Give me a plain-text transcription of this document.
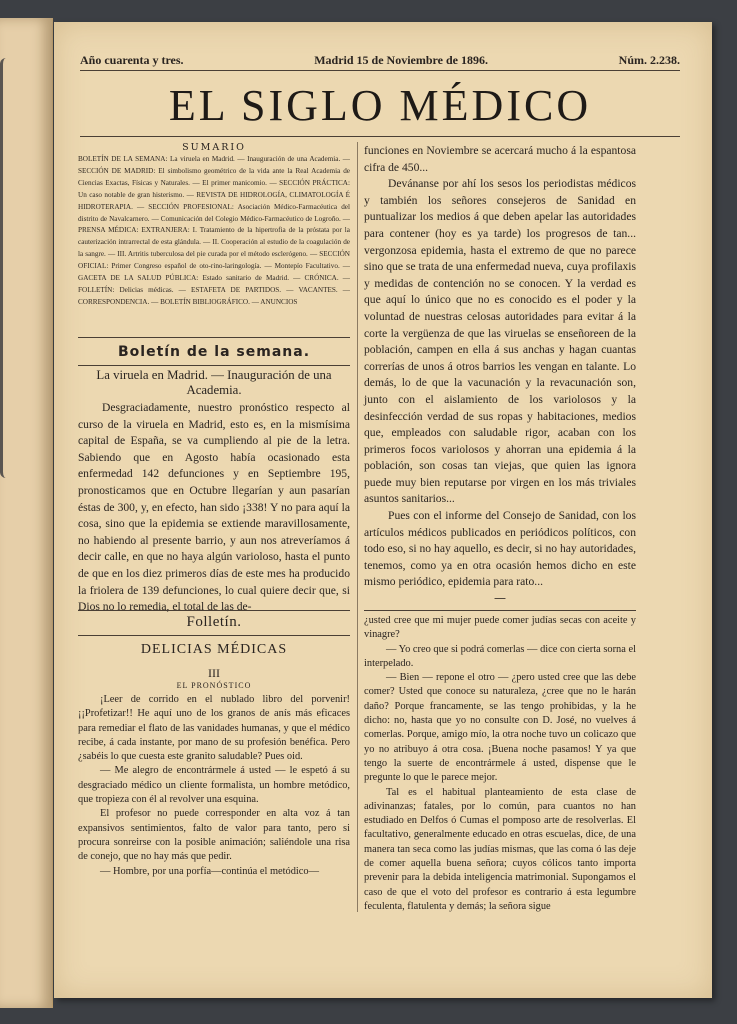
Año cuarenta y tres.	Madrid 15 de Noviembre de 1896.	Núm. 2.238.
EL SIGLO MÉDICO
SUMARIO
BOLETÍN DE LA SEMANA: La viruela en Madrid. — Inauguración de una Academia. — SECCIÓN DE MADRID: El simbolismo geométrico de la vida ante la Real Academia de Ciencias Exactas, Físicas y Naturales. — El primer manicomio. — SECCIÓN PRÁCTICA: Un caso notable de gran histerismo. — REVISTA DE HIDROLOGÍA, CLIMATOLOGÍA É HIDROTERAPIA. — SECCIÓN PROFESIONAL: Asociación Médico-Farmacéutica del distrito de Navalcarnero. — Comunicación del Colegio Médico-Farmacéutico de Logroño. — PRENSA MÉDICA: EXTRANJERA: I. Tratamiento de la hipertrofia de la próstata por la cauterización intrarrectal de esta glándula. — II. Cooperación al estudio de la coagulación de la sangre. — III. Artritis tuberculosa del pie curada por el método esclerógeno. — SECCIÓN OFICIAL: Primer Congreso español de oto-rino-laringología. — Montepío Facultativo. — GACETA DE LA SALUD PÚBLICA: Estado sanitario de Madrid. — CRÓNICA. — FOLLETÍN: Delicias médicas. — ESTAFETA DE PARTIDOS. — VACANTES. — CORRESPONDENCIA. — BOLETÍN BIBLIOGRÁFICO. — ANUNCIOS
Boletín de la semana.
La viruela en Madrid. — Inauguración de una Academia.

Desgraciadamente, nuestro pronóstico respecto al curso de la viruela en Madrid, esto es, en la mismísima capital de España, se va cumpliendo al pie de la letra. Sabiendo que en Agosto había ocasionado esta enfermedad 142 defunciones y en Septiembre 195, pronosticamos que en Octubre llegarían y aun pasarían éstas de 300, y, en efecto, han sido ¡338! Y no para aquí la cosa, sino que la epidemia se extiende maravillosamente, no habiendo al presente barrio, y aun nos atreveríamos á decir calle, en que no haya algún varioloso, hasta el punto de que en los diez primeros días de este mes ha producido la friolera de 139 defunciones, lo cual quiere decir que, si Dios no lo remedia, el total de las de-

Folletín.
DELICIAS MÉDICAS
III
EL PRONÓSTICO

¡Leer de corrido en el nublado libro del porvenir! ¡¡Profetizar!! He aquí uno de los granos de anís más eficaces para remediar el flato de las vanidades humanas, y que el médico recibe, á cada instante, por mano de su profesión benéfica. Pero ¿sabéis lo que cuesta este granito saludable? Pues oid.

— Me alegro de encontrármele á usted — le espetó á su desgraciado médico un cliente formalista, un hombre metódico, que tropieza con él al revolver una esquina.

El profesor no puede corresponder en alta voz á tan expansivos sentimientos, falto de valor para tanto, pero si procura sonreirse con la posible animación; saliéndole una risa de conejo, que no hay más que pedir.

— Hombre, por una porfía—continúa el metódico—

funciones en Noviembre se acercará mucho á la espantosa cifra de 450...

Devánanse por ahí los sesos los periodistas médicos y también los señores consejeros de Sanidad en puntualizar los medios á que deben apelar las autoridades para contener (hoy es ya tarde) los progresos de tan... vergonzosa epidemia, hasta el extremo de que no parece sino que se trata de una enfermedad nueva, cuya profilaxis y medidas de contención no se conocen. Y la verdad es que aquí lo único que no es conocido es el poder y la voluntad de nuestras celosas autoridades para evitar á la corte la vergüenza de que las viruelas se enseñoreen de la población, campen en ella á sus anchas y hagan cuantas correrías de unos á otros barrios les vengan en talante. Lo demás, lo de que la vacunación y la revacunación son, junto con el aislamiento de los variolosos y la desinfección verdad de sus ropas y habitaciones, medios que, empleados con saludable rigor, acaban con los primeros focos variolosos y ahorran una epidemia á la población, son cosas tan viejas, que quien las ignora puede muy bien reputarse por virgen en los más triviales asuntos sanitarios...

Pues con el informe del Consejo de Sanidad, con los artículos médicos publicados en periódicos políticos, con todo eso, si no hay aquello, es decir, si no hay autoridades, tenemos, como ya en otra ocasión hemos dicho en este mismo periódico, epidemia para rato...

—

¿usted cree que mi mujer puede comer judías secas con aceite y vinagre?

— Yo creo que si podrá comerlas — dice con cierta sorna el interpelado.

— Bien — repone el otro — ¿pero usted cree que las debe comer? Usted que conoce su naturaleza, ¿cree que no le harán daño? Porque francamente, se las tengo prohibidas, y la he dicho: no, hasta que yo no consulte con D. José, no vuelves á comerlas. Porque, amigo mío, la otra noche tuvo un colicazo que yo no atribuyo á otra cosa. ¡Buena noche pasamos! Y ya que tengo la suerte de encontrármele á usted, dispense que le pregunte lo que le parece mejor.

Tal es el habitual planteamiento de esta clase de adivinanzas; fatales, por lo común, para cuantos no han estudiado en Delfos ó Cumas el pomposo arte de resolverlas. El facultativo, generalmente educado en otras escuelas, dice, de una manera tan seca como las judías mismas, que las coma ó las deje de comer aquella buena señora; cuyos cólicos tanto importa prevenir para la debida inteligencia matrimonial. Supongamos el caso de que el voto del profesor es contrario á esta legumbre feculenta, flatulenta y demás; la señora sigue
